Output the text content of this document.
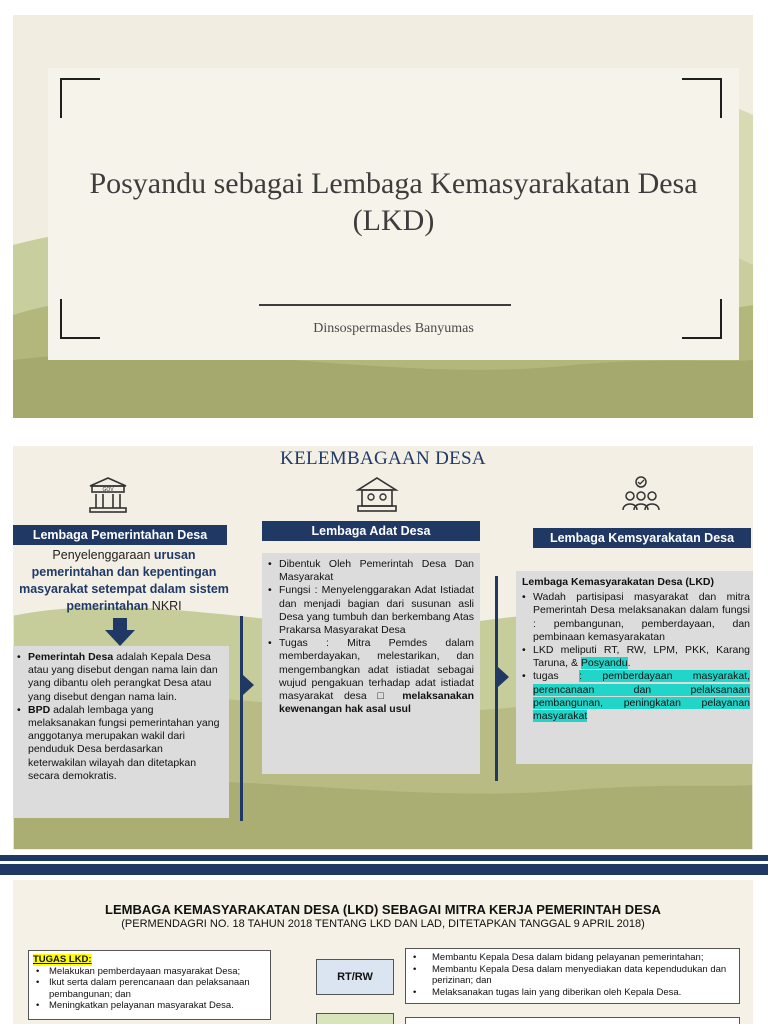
Posyandu sebagai Lembaga Kemasyarakatan Desa (LKD)
Dinsospermasdes Banyumas
KELEMBAGAAN DESA
GOV
Lembaga Pemerintahan Desa	Lembaga Adat Desa	Lembaga Kemsyarakatan Desa
Penyelenggaraan urusan pemerintahan dan kepentingan masyarakat setempat dalam sistem pemerintahan NKRI
• Pemerintah Desa adalah Kepala Desa atau yang disebut dengan nama lain dan yang dibantu oleh perangkat Desa atau yang disebut dengan nama lain.
• BPD adalah lembaga yang melaksanakan fungsi pemerintahan yang anggotanya merupakan wakil dari penduduk Desa berdasarkan keterwakilan wilayah dan ditetapkan secara demokratis.
• Dibentuk Oleh Pemerintah Desa Dan Masyarakat
• Fungsi : Menyelenggarakan Adat Istiadat dan menjadi bagian dari susunan asli Desa yang tumbuh dan berkembang Atas Prakarsa Masyarakat Desa
• Tugas : Mitra Pemdes dalam memberdayakan, melestarikan, dan mengembangkan adat istiadat sebagai wujud pengakuan terhadap adat istiadat masyarakat desa □ melaksanakan kewenangan hak asal usul
Lembaga Kemasyarakatan Desa (LKD)
• Wadah partisipasi masyarakat dan mitra Pemerintah Desa melaksanakan dalam fungsi : pembangunan, pemberdayaan, dan pembinaan kemasyarakatan
• LKD meliputi RT, RW, LPM, PKK, Karang Taruna, & Posyandu.
• tugas : pemberdayaan masyarakat, perencanaan dan pelaksanaan pembangunan, peningkatan pelayanan masyarakat
LEMBAGA KEMASYARAKATAN DESA (LKD) SEBAGAI MITRA KERJA PEMERINTAH DESA
(PERMENDAGRI NO. 18 TAHUN 2018 TENTANG LKD DAN LAD, DITETAPKAN TANGGAL 9 APRIL 2018)
TUGAS LKD:
• Melakukan pemberdayaan masyarakat Desa;
• Ikut serta dalam perencanaan dan pelaksanaan pembangunan; dan
• Meningkatkan pelayanan masyarakat Desa.
RT/RW
• Membantu Kepala Desa dalam bidang pelayanan pemerintahan;
• Membantu Kepala Desa dalam menyediakan data kependudukan dan perizinan; dan
• Melaksanakan tugas lain yang diberikan oleh Kepala Desa.
